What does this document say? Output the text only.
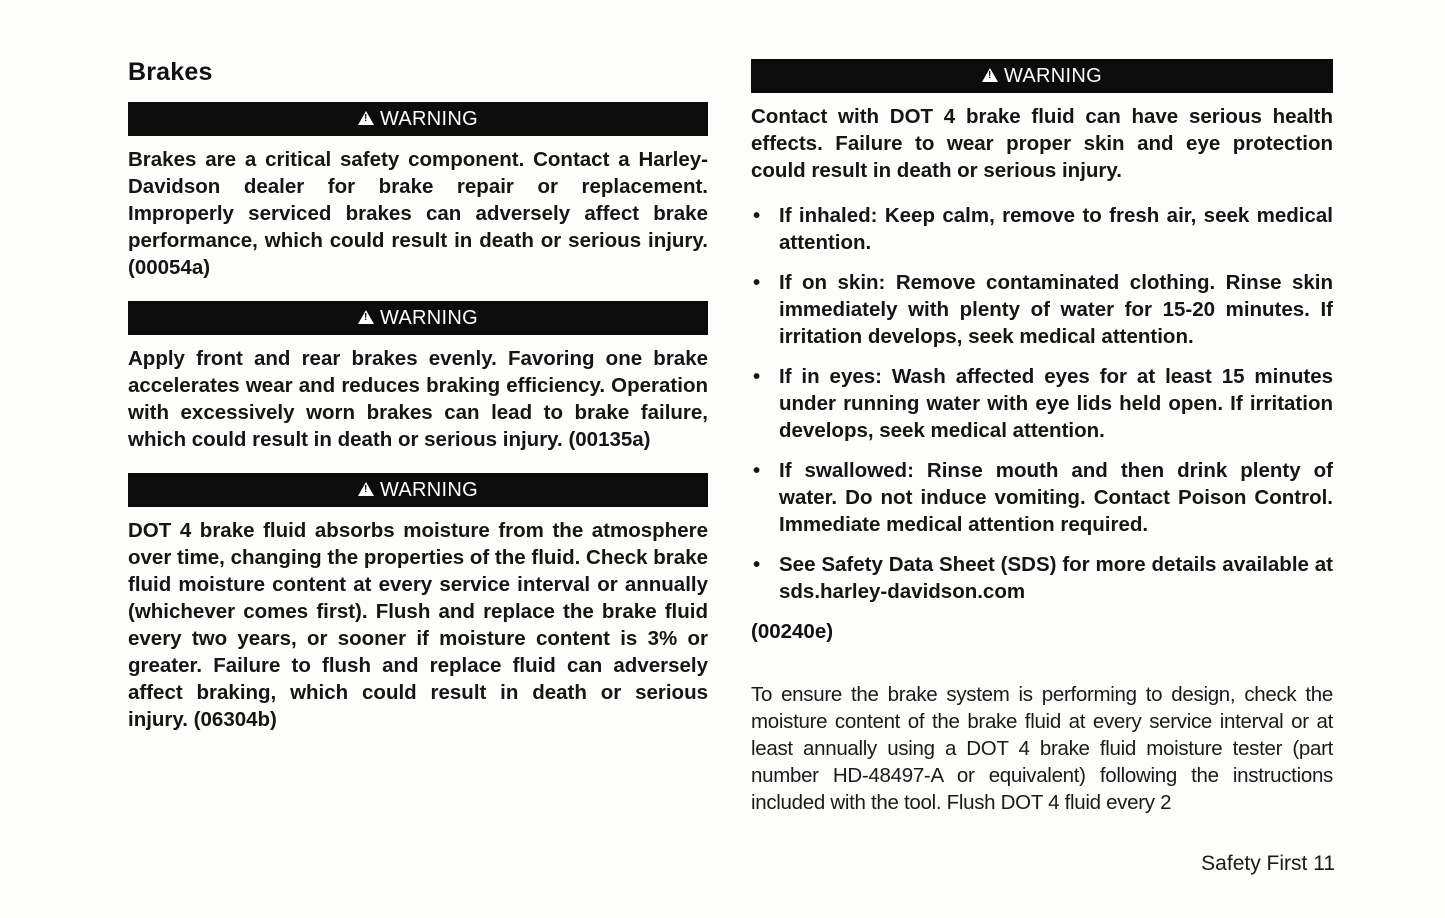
Brakes
!
WARNING

Brakes are a critical safety component. Contact a Harley-Davidson dealer for brake repair or replacement. Improperly serviced brakes can adversely affect brake performance, which could result in death or serious injury. (00054a)

!
WARNING

Apply front and rear brakes evenly. Favoring one brake accelerates wear and reduces braking efficiency. Operation with excessively worn brakes can lead to brake failure, which could result in death or serious injury. (00135a)

!
WARNING

DOT 4 brake fluid absorbs moisture from the atmosphere over time, changing the properties of the fluid. Check brake fluid moisture content at every service interval or annually (whichever comes first). Flush and replace the brake fluid every two years, or sooner if moisture content is 3% or greater. Failure to flush and replace fluid can adversely affect braking, which could result in death or serious injury. (06304b)

!
WARNING

Contact with DOT 4 brake fluid can have serious health effects. Failure to wear proper skin and eye protection could result in death or serious injury.

• If inhaled: Keep calm, remove to fresh air, seek medical attention.
• If on skin: Remove contaminated clothing. Rinse skin immediately with plenty of water for 15-20 minutes. If irritation develops, seek medical attention.
• If in eyes: Wash affected eyes for at least 15 minutes under running water with eye lids held open. If irritation develops, seek medical attention.
• If swallowed: Rinse mouth and then drink plenty of water. Do not induce vomiting. Contact Poison Control. Immediate medical attention required.
• See Safety Data Sheet (SDS) for more details available at sds.harley-davidson.com

(00240e)

To ensure the brake system is performing to design, check the moisture content of the brake fluid at every service interval or at least annually using a DOT 4 brake fluid moisture tester (part number HD-48497-A or equivalent) following the instructions included with the tool. Flush DOT 4 fluid every 2

Safety First 11
